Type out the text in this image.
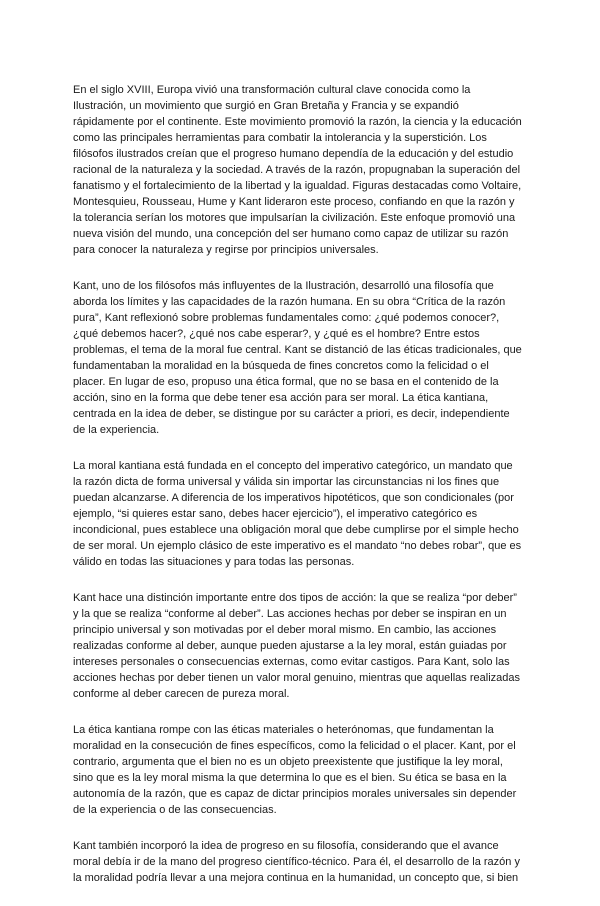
En el siglo XVIII, Europa vivió una transformación cultural clave conocida como la Ilustración, un movimiento que surgió en Gran Bretaña y Francia y se expandió rápidamente por el continente. Este movimiento promovió la razón, la ciencia y la educación como las principales herramientas para combatir la intolerancia y la superstición. Los filósofos ilustrados creían que el progreso humano dependía de la educación y del estudio racional de la naturaleza y la sociedad. A través de la razón, propugnaban la superación del fanatismo y el fortalecimiento de la libertad y la igualdad. Figuras destacadas como Voltaire, Montesquieu, Rousseau, Hume y Kant lideraron este proceso, confiando en que la razón y la tolerancia serían los motores que impulsarían la civilización. Este enfoque promovió una nueva visión del mundo, una concepción del ser humano como capaz de utilizar su razón para conocer la naturaleza y regirse por principios universales.

Kant, uno de los filósofos más influyentes de la Ilustración, desarrolló una filosofía que aborda los límites y las capacidades de la razón humana. En su obra “Crítica de la razón pura”, Kant reflexionó sobre problemas fundamentales como: ¿qué podemos conocer?, ¿qué debemos hacer?, ¿qué nos cabe esperar?, y ¿qué es el hombre? Entre estos problemas, el tema de la moral fue central. Kant se distanció de las éticas tradicionales, que fundamentaban la moralidad en la búsqueda de fines concretos como la felicidad o el placer. En lugar de eso, propuso una ética formal, que no se basa en el contenido de la acción, sino en la forma que debe tener esa acción para ser moral. La ética kantiana, centrada en la idea de deber, se distingue por su carácter a priori, es decir, independiente de la experiencia.

La moral kantiana está fundada en el concepto del imperativo categórico, un mandato que la razón dicta de forma universal y válida sin importar las circunstancias ni los fines que puedan alcanzarse. A diferencia de los imperativos hipotéticos, que son condicionales (por ejemplo, “si quieres estar sano, debes hacer ejercicio”), el imperativo categórico es incondicional, pues establece una obligación moral que debe cumplirse por el simple hecho de ser moral. Un ejemplo clásico de este imperativo es el mandato “no debes robar”, que es válido en todas las situaciones y para todas las personas.

Kant hace una distinción importante entre dos tipos de acción: la que se realiza “por deber” y la que se realiza “conforme al deber”. Las acciones hechas por deber se inspiran en un principio universal y son motivadas por el deber moral mismo. En cambio, las acciones realizadas conforme al deber, aunque pueden ajustarse a la ley moral, están guiadas por intereses personales o consecuencias externas, como evitar castigos. Para Kant, solo las acciones hechas por deber tienen un valor moral genuino, mientras que aquellas realizadas conforme al deber carecen de pureza moral.

La ética kantiana rompe con las éticas materiales o heterónomas, que fundamentan la moralidad en la consecución de fines específicos, como la felicidad o el placer. Kant, por el contrario, argumenta que el bien no es un objeto preexistente que justifique la ley moral, sino que es la ley moral misma la que determina lo que es el bien. Su ética se basa en la autonomía de la razón, que es capaz de dictar principios morales universales sin depender de la experiencia o de las consecuencias.

Kant también incorporó la idea de progreso en su filosofía, considerando que el avance moral debía ir de la mano del progreso científico-técnico. Para él, el desarrollo de la razón y la moralidad podría llevar a una mejora continua en la humanidad, un concepto que, si bien
